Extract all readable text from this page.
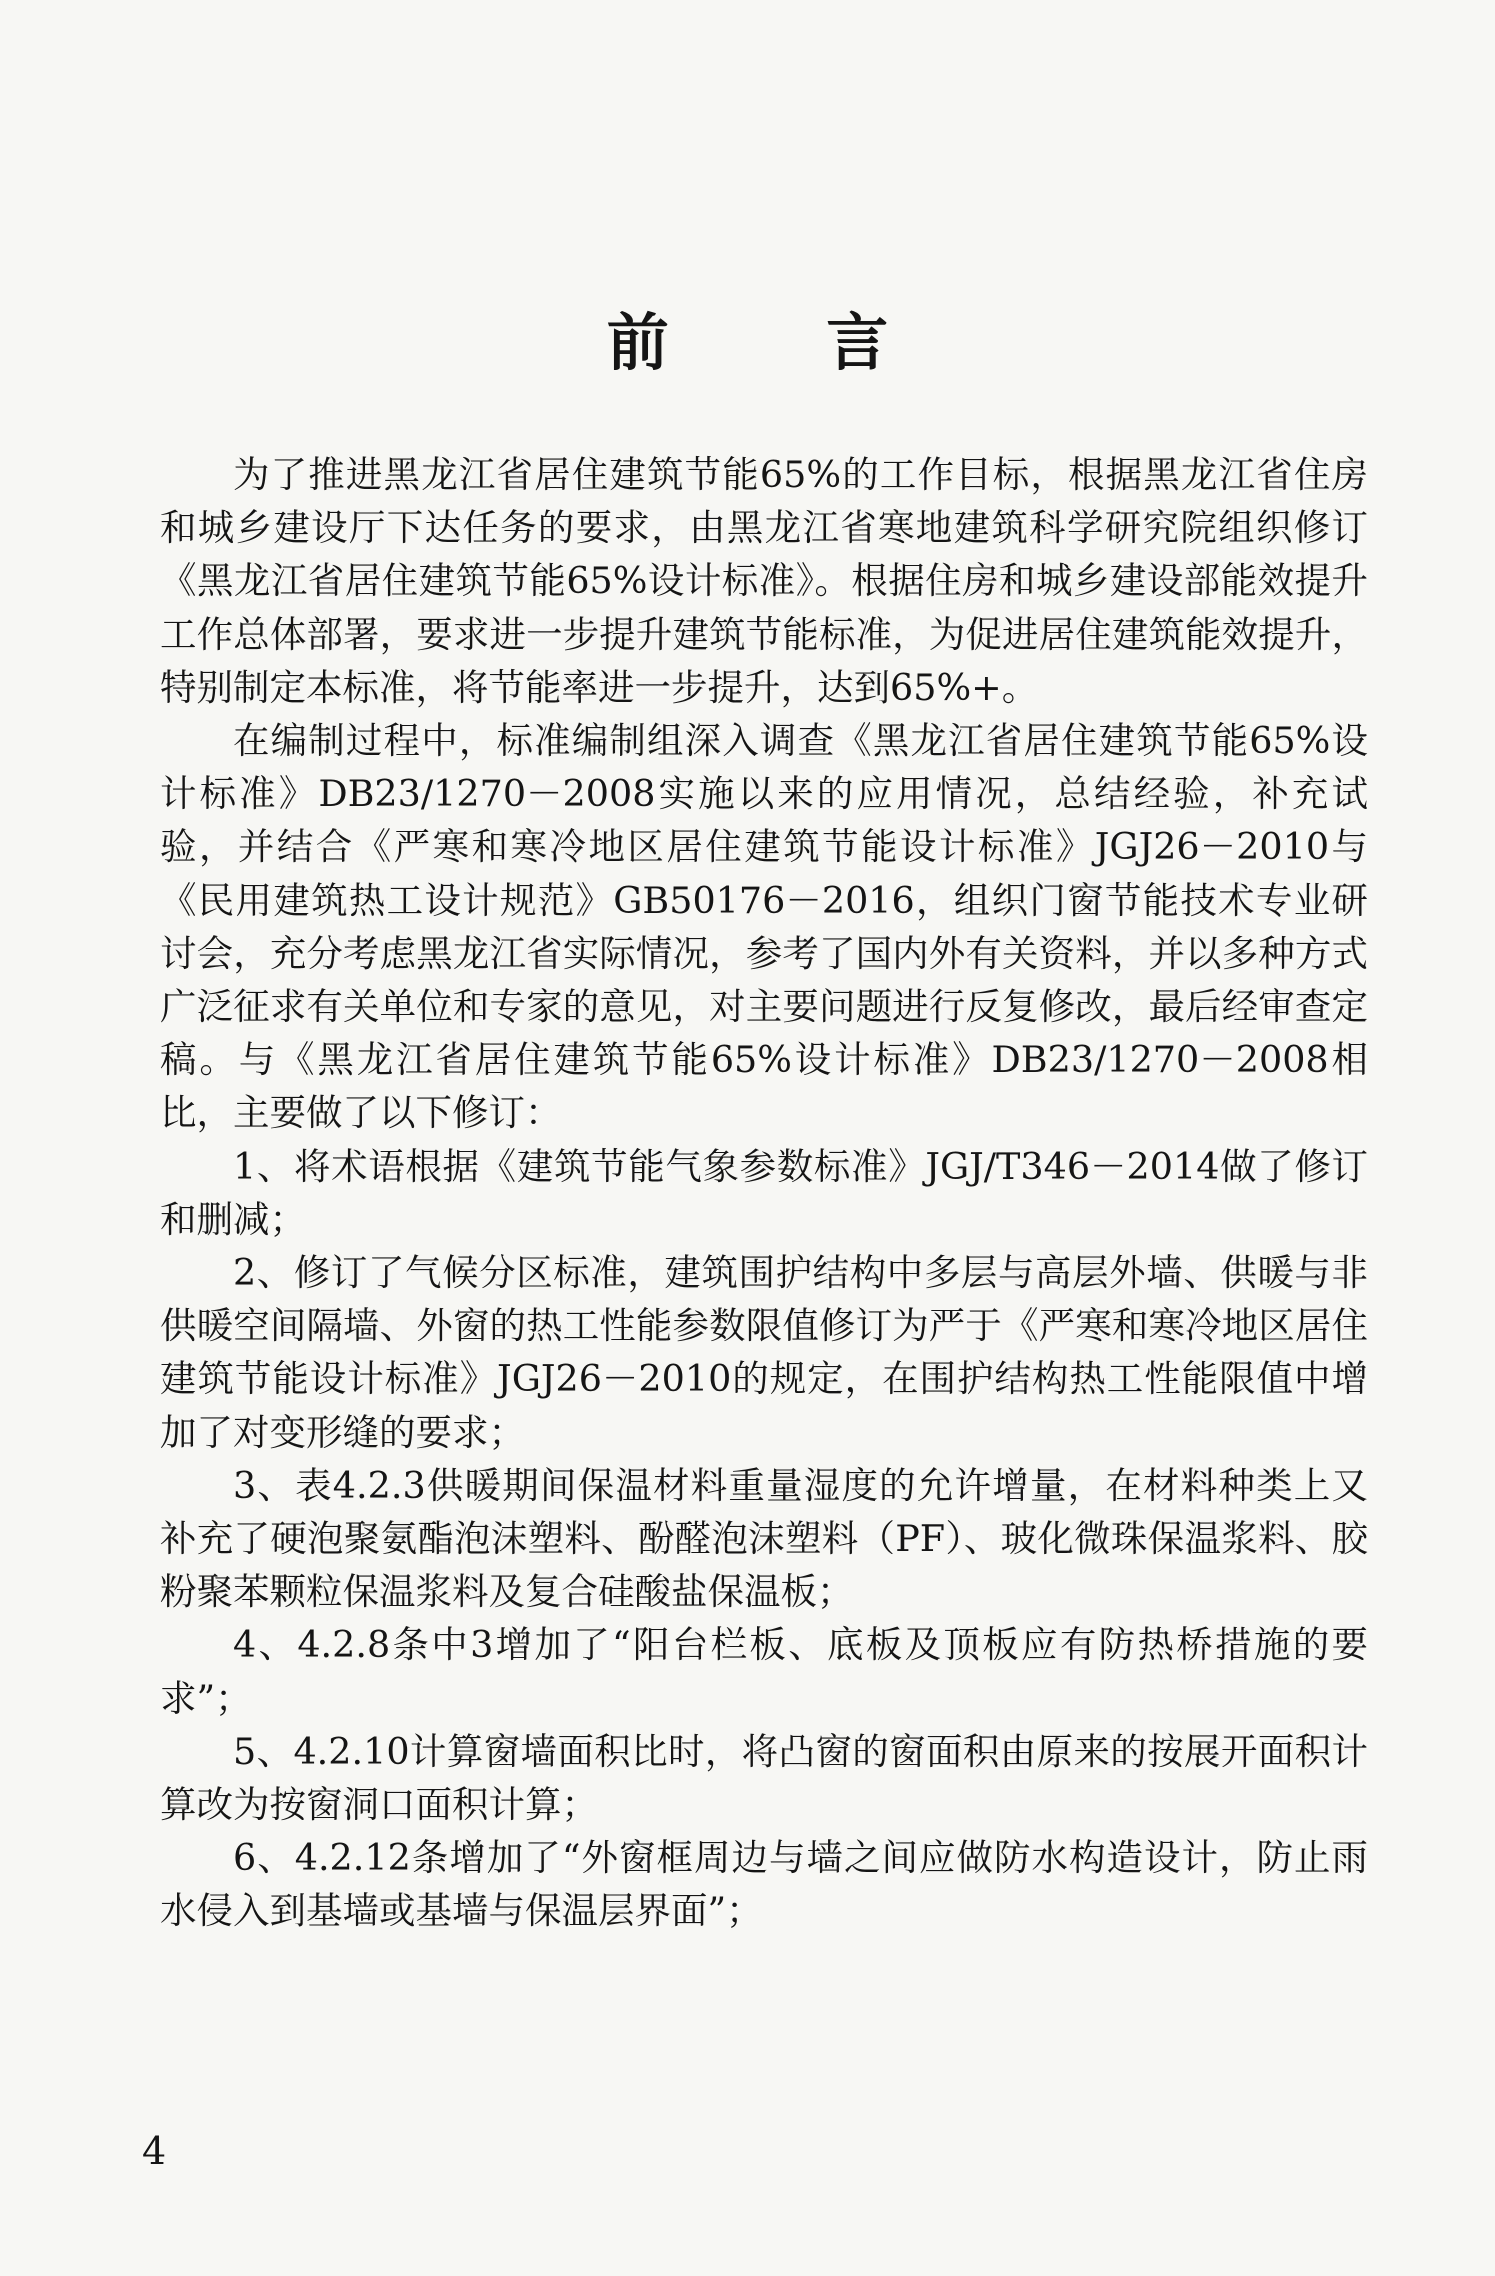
前 言

为了推进黑龙江省居住建筑节能65%的工作目标，根据黑龙江省住房和城乡建设厅下达任务的要求，由黑龙江省寒地建筑科学研究院组织修订《黑龙江省居住建筑节能65%设计标准》。根据住房和城乡建设部能效提升工作总体部署，要求进一步提升建筑节能标准，为促进居住建筑能效提升，特别制定本标准，将节能率进一步提升，达到65%+。

在编制过程中，标准编制组深入调查《黑龙江省居住建筑节能65%设计标准》DB23/1270－2008实施以来的应用情况，总结经验，补充试验，并结合《严寒和寒冷地区居住建筑节能设计标准》JGJ26－2010与《民用建筑热工设计规范》GB50176－2016，组织门窗节能技术专业研讨会，充分考虑黑龙江省实际情况，参考了国内外有关资料，并以多种方式广泛征求有关单位和专家的意见，对主要问题进行反复修改，最后经审查定稿。与《黑龙江省居住建筑节能65%设计标准》DB23/1270－2008相比，主要做了以下修订：

1、将术语根据《建筑节能气象参数标准》JGJ/T346－2014做了修订和删减；

2、修订了气候分区标准，建筑围护结构中多层与高层外墙、供暖与非供暖空间隔墙、外窗的热工性能参数限值修订为严于《严寒和寒冷地区居住建筑节能设计标准》JGJ26－2010的规定，在围护结构热工性能限值中增加了对变形缝的要求；

3、表4.2.3供暖期间保温材料重量湿度的允许增量，在材料种类上又补充了硬泡聚氨酯泡沫塑料、酚醛泡沫塑料（PF）、玻化微珠保温浆料、胶粉聚苯颗粒保温浆料及复合硅酸盐保温板；

4、4.2.8条中3增加了“阳台栏板、底板及顶板应有防热桥措施的要求”；

5、4.2.10计算窗墙面积比时，将凸窗的窗面积由原来的按展开面积计算改为按窗洞口面积计算；

6、4.2.12条增加了“外窗框周边与墙之间应做防水构造设计，防止雨水侵入到基墙或基墙与保温层界面”；

4
